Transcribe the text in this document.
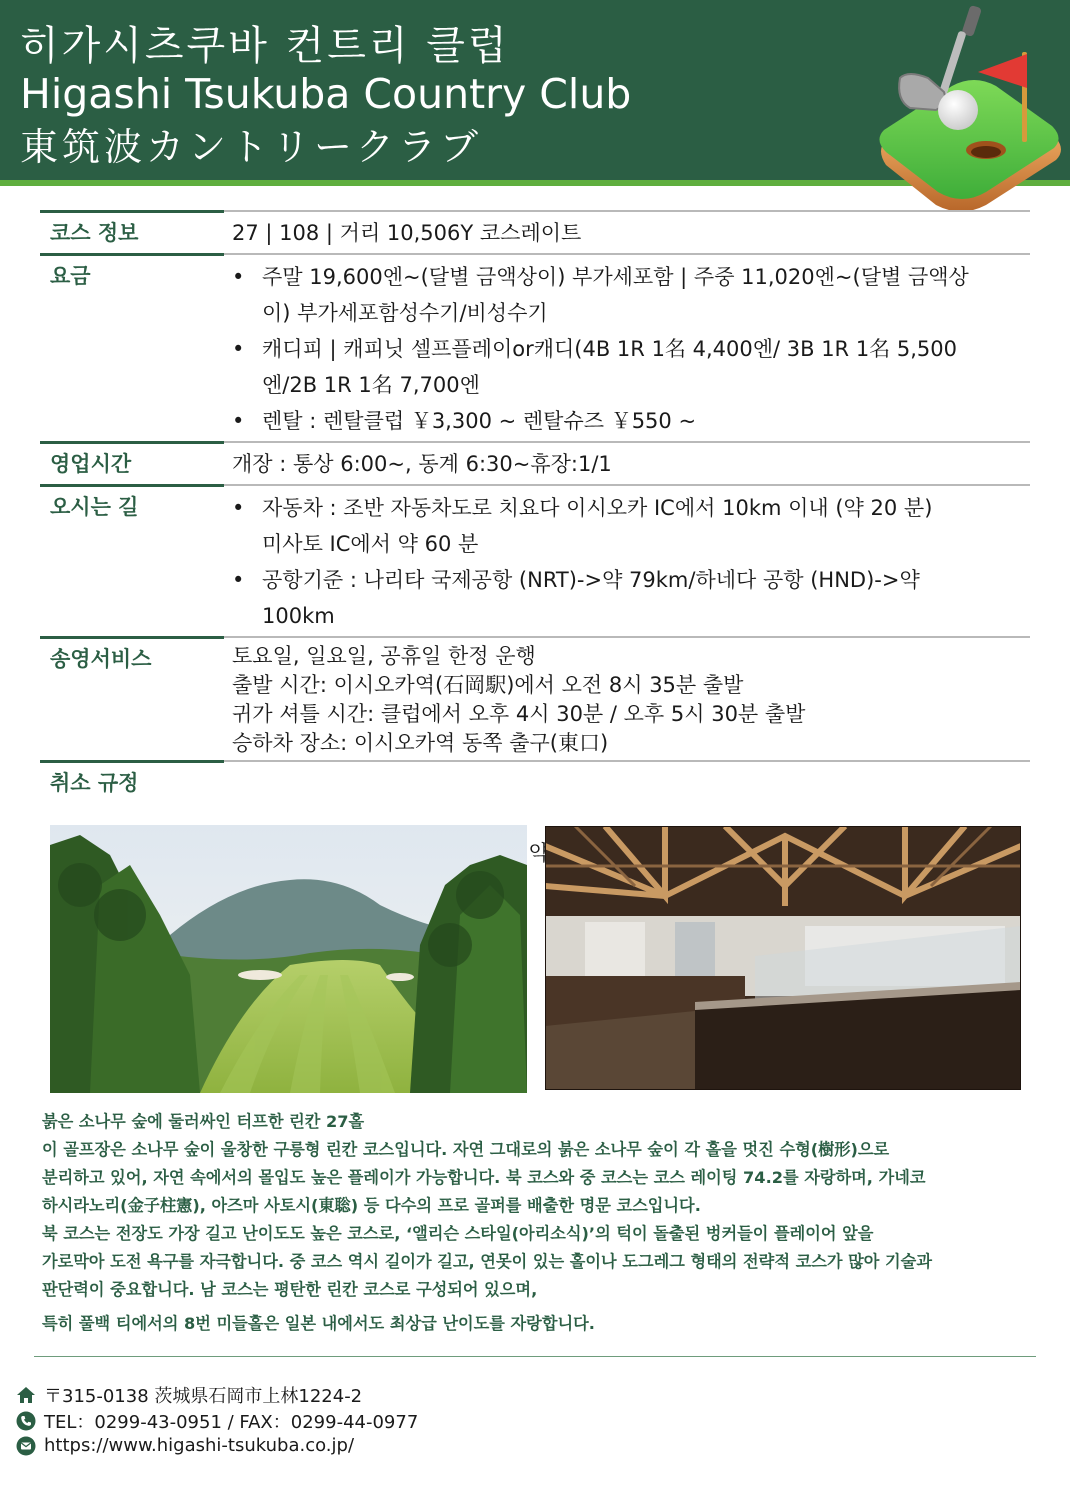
히가시츠쿠바 컨트리 클럽
Higashi Tsukuba Country Club
東筑波カントリークラブ
코스 정보	27 | 108 | 거리 10,506Y 코스레이트
요금	• 주말 19,600엔~(달별 금액상이) 부가세포함 | 주중 11,020엔~(달별 금액상
이) 부가세포함성수기/비성수기
• 캐디피 | 캐피닛 셀프플레이or캐디(4B 1R 1名 4,400엔/ 3B 1R 1名 5,500
엔/2B 1R 1名 7,700엔
• 렌탈 : 렌탈클럽 ￥3,300 ~ 렌탈슈즈 ￥550 ~
영업시간	개장 : 통상 6:00~, 동계 6:30~휴장:1/1
오시는 길	• 자동차 : 조반 자동차도로 치요다 이시오카 IC에서 10km 이내 (약 20 분)
미사토 IC에서 약 60 분
• 공항기준 : 나리타 국제공항 (NRT)->약 79km/하네다 공항 (HND)->약
100km
송영서비스	토요일, 일요일, 공휴일 한정 운행
출발 시간: 이시오카역(石岡駅)에서 오전 8시 35분 출발
귀가 셔틀 시간: 클럽에서 오후 4시 30분 / 오후 5시 30분 출발
승하차 장소: 이시오카역 동쪽 출구(東口)
취소 규정

붉은 소나무 숲에 둘러싸인 터프한 린칸 27홀
이 골프장은 소나무 숲이 울창한 구릉형 린칸 코스입니다. 자연 그대로의 붉은 소나무 숲이 각 홀을 멋진 수형(樹形)으로
분리하고 있어, 자연 속에서의 몰입도 높은 플레이가 가능합니다. 북 코스와 중 코스는 코스 레이팅 74.2를 자랑하며, 가네코
하시라노리(金子柱憲), 아즈마 사토시(東聡) 등 다수의 프로 골퍼를 배출한 명문 코스입니다.
북 코스는 전장도 가장 길고 난이도도 높은 코스로, ‘앨리슨 스타일(아리소식)’의 턱이 돌출된 벙커들이 플레이어 앞을
가로막아 도전 욕구를 자극합니다. 중 코스 역시 길이가 길고, 연못이 있는 홀이나 도그레그 형태의 전략적 코스가 많아 기술과
판단력이 중요합니다. 남 코스는 평탄한 린칸 코스로 구성되어 있으며,
특히 풀백 티에서의 8번 미들홀은 일본 내에서도 최상급 난이도를 자랑합니다.
〒315-0138 茨城県石岡市上林1224-2
TEL：0299-43-0951 / FAX：0299-44-0977
https://www.higashi-tsukuba.co.jp/
